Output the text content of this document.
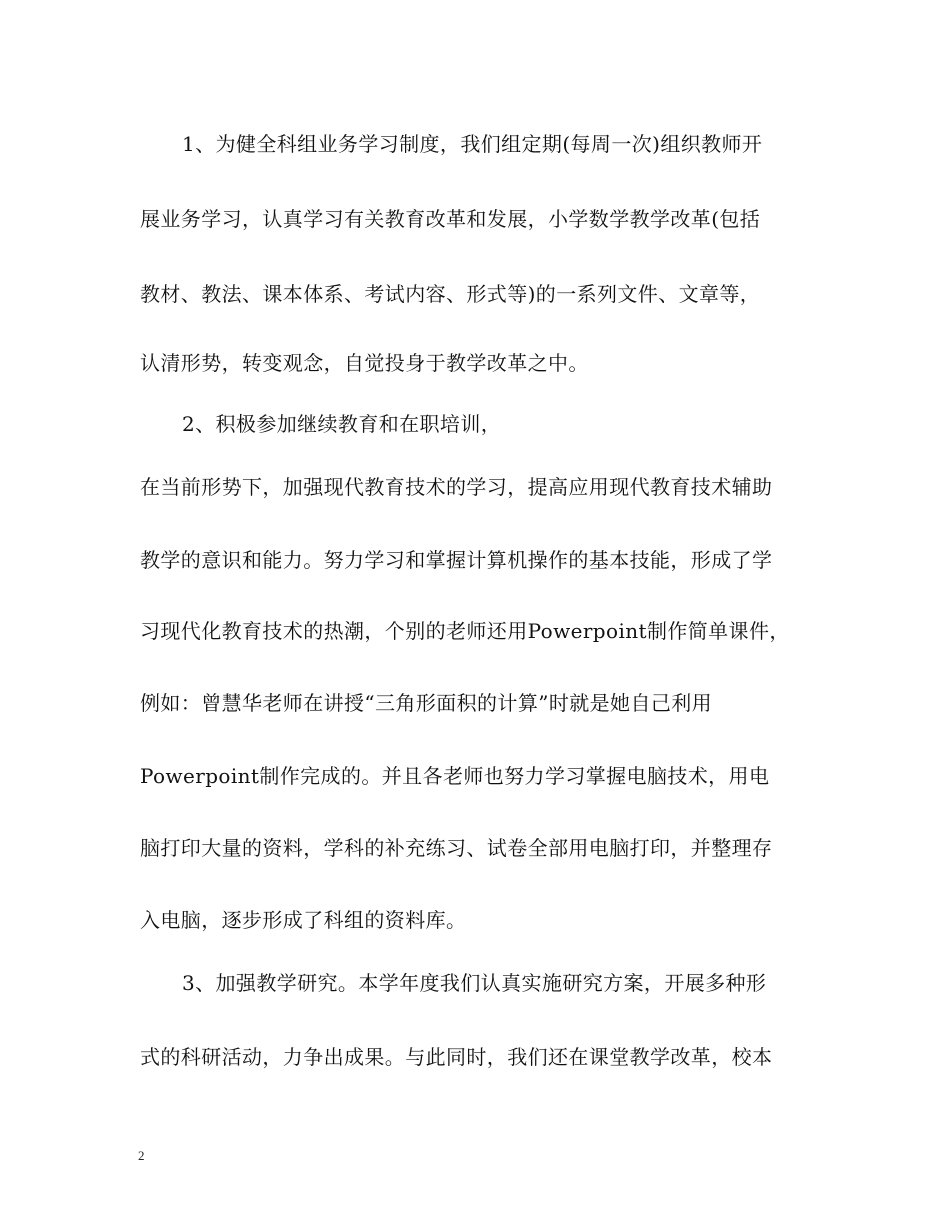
1、为健全科组业务学习制度，我们组定期(每周一次)组织教师开
展业务学习，认真学习有关教育改革和发展，小学数学教学改革(包括
教材、教法、课本体系、考试内容、形式等)的一系列文件、文章等，
认清形势，转变观念，自觉投身于教学改革之中。
2、积极参加继续教育和在职培训，
在当前形势下，加强现代教育技术的学习，提高应用现代教育技术辅助
教学的意识和能力。努力学习和掌握计算机操作的基本技能，形成了学
习现代化教育技术的热潮，个别的老师还用Powerpoint制作简单课件，
例如：曾慧华老师在讲授“三角形面积的计算”时就是她自己利用
Powerpoint制作完成的。并且各老师也努力学习掌握电脑技术，用电
脑打印大量的资料，学科的补充练习、试卷全部用电脑打印，并整理存
入电脑，逐步形成了科组的资料库。
3、加强教学研究。本学年度我们认真实施研究方案，开展多种形
式的科研活动，力争出成果。与此同时，我们还在课堂教学改革，校本
2
